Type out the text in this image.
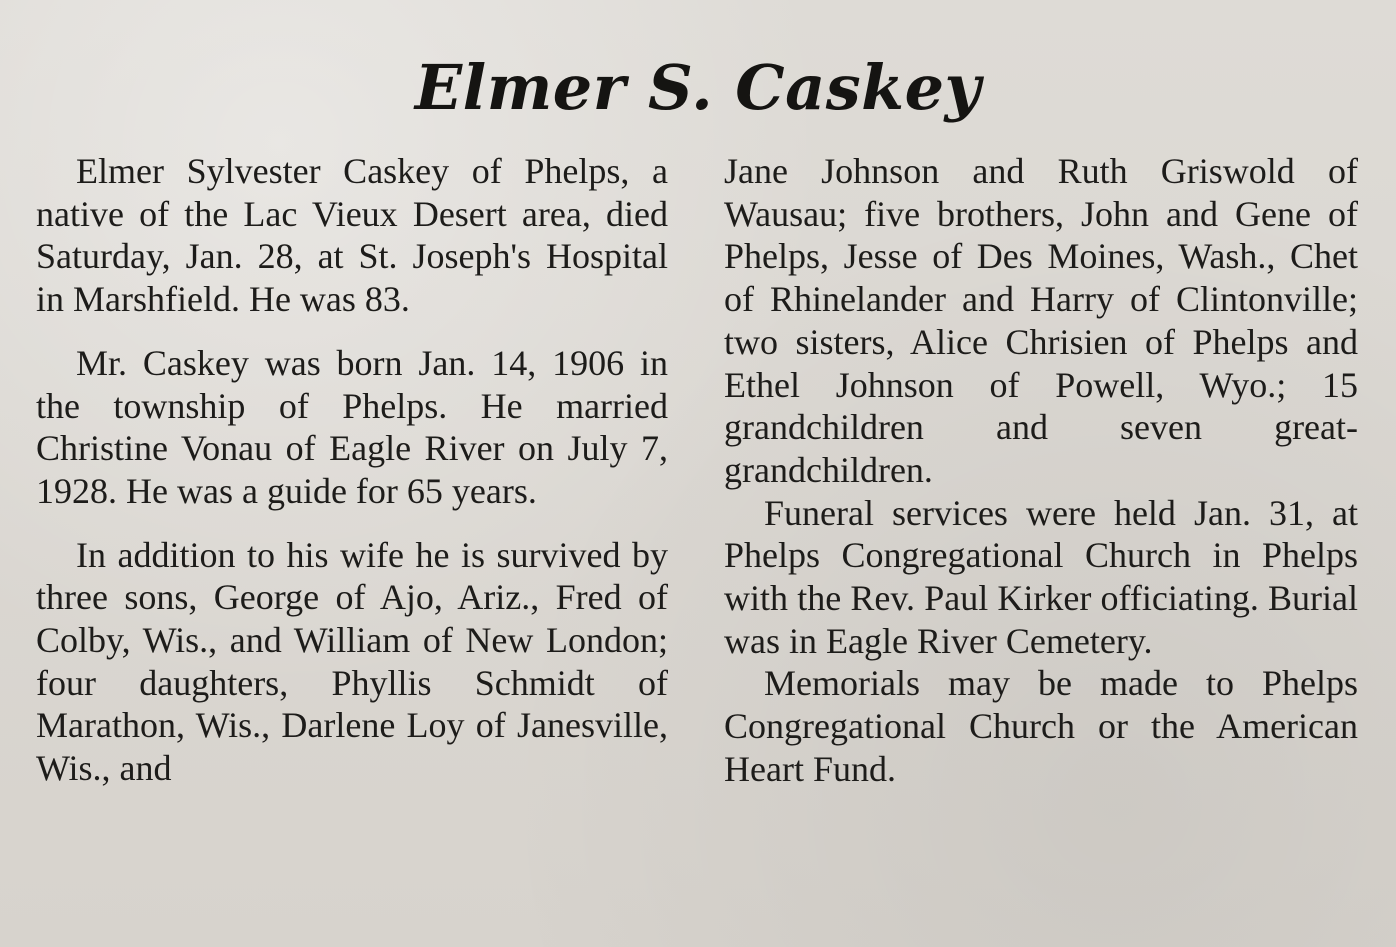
Elmer S. Caskey

Elmer Sylvester Caskey of Phelps, a native of the Lac Vieux Desert area, died Saturday, Jan. 28, at St. Joseph's Hospital in Marshfield. He was 83.

Mr. Caskey was born Jan. 14, 1906 in the township of Phelps. He married Christine Vonau of Eagle River on July 7, 1928. He was a guide for 65 years.

In addition to his wife he is survived by three sons, George of Ajo, Ariz., Fred of Colby, Wis., and William of New London; four daughters, Phyllis Schmidt of Marathon, Wis., Darlene Loy of Janesville, Wis., and

Jane Johnson and Ruth Griswold of Wausau; five brothers, John and Gene of Phelps, Jesse of Des Moines, Wash., Chet of Rhinelander and Harry of Clintonville; two sisters, Alice Chrisien of Phelps and Ethel Johnson of Powell, Wyo.; 15 grandchildren and seven great-grandchildren.

Funeral services were held Jan. 31, at Phelps Congregational Church in Phelps with the Rev. Paul Kirker officiating. Burial was in Eagle River Cemetery.

Memorials may be made to Phelps Congregational Church or the American Heart Fund.
